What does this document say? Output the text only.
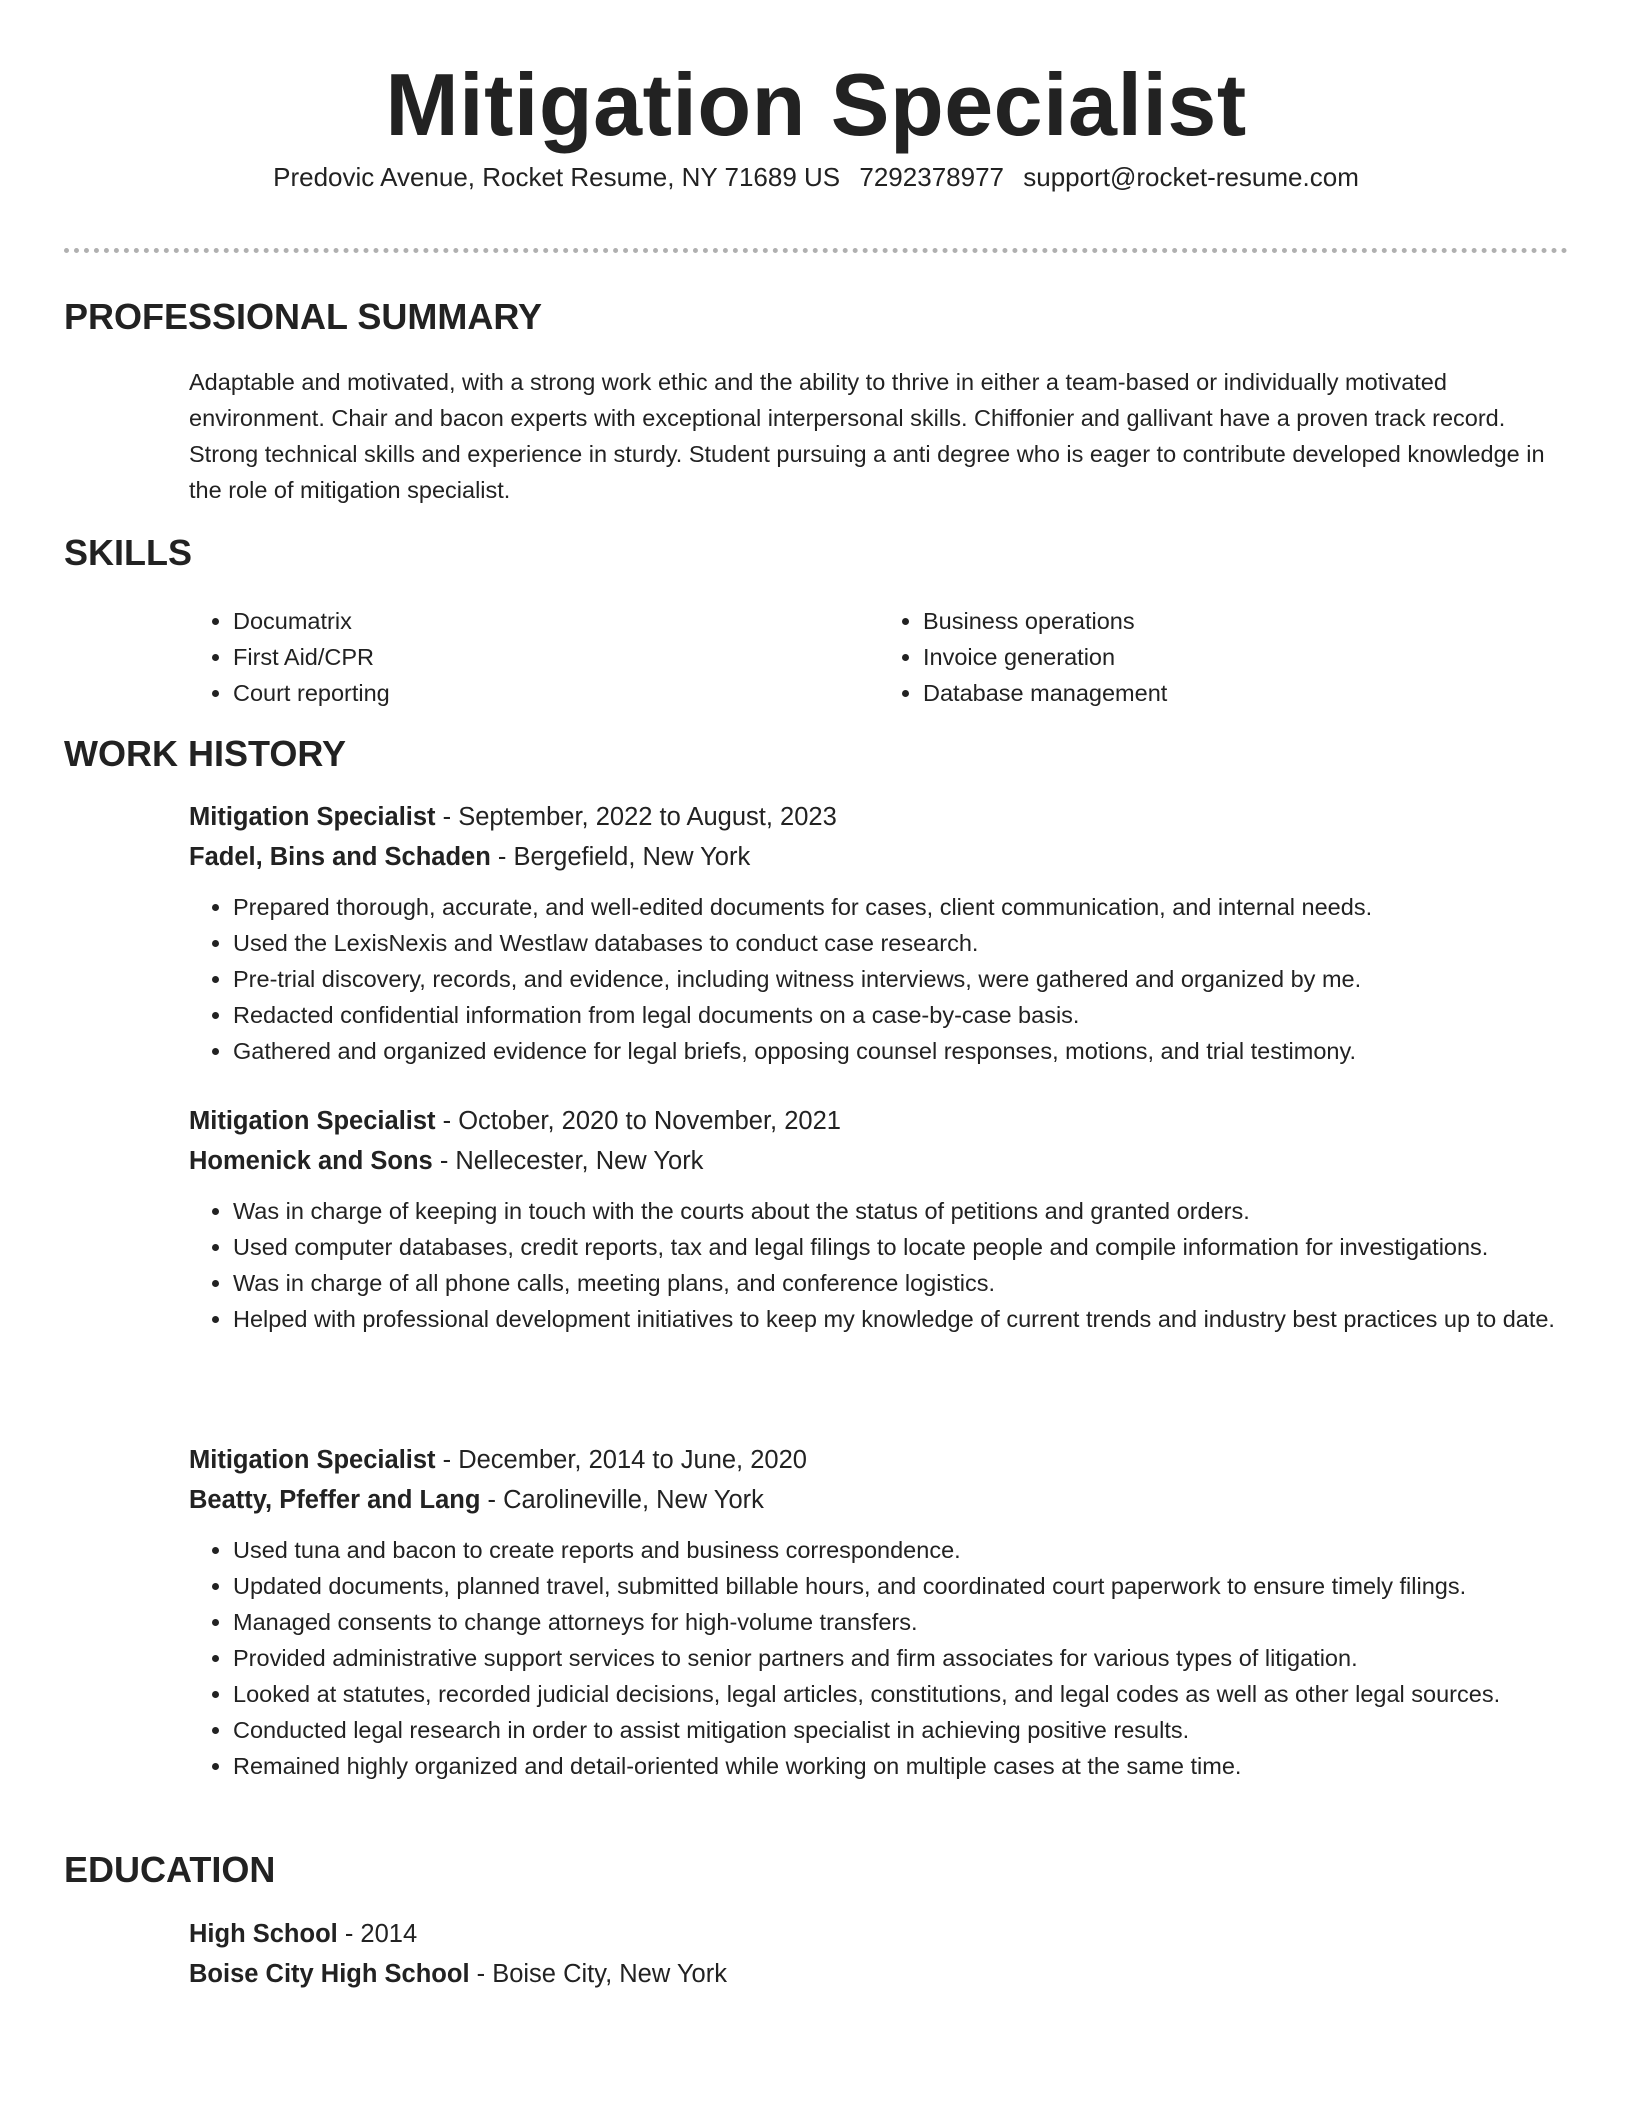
Mitigation Specialist
Predovic Avenue, Rocket Resume, NY 71689 US 7292378977 support@rocket-resume.com
PROFESSIONAL SUMMARY

Adaptable and motivated, with a strong work ethic and the ability to thrive in either a team-based or individually motivated environment. Chair and bacon experts with exceptional interpersonal skills. Chiffonier and gallivant have a proven track record. Strong technical skills and experience in sturdy. Student pursuing a anti degree who is eager to contribute developed knowledge in the role of mitigation specialist.

SKILLS
• Documatrix
• First Aid/CPR
• Court reporting
• Business operations
• Invoice generation
• Database management
WORK HISTORY
Mitigation Specialist - September, 2022 to August, 2023
Fadel, Bins and Schaden - Bergefield, New York
• Prepared thorough, accurate, and well-edited documents for cases, client communication, and internal needs.
• Used the LexisNexis and Westlaw databases to conduct case research.
• Pre-trial discovery, records, and evidence, including witness interviews, were gathered and organized by me.
• Redacted confidential information from legal documents on a case-by-case basis.
• Gathered and organized evidence for legal briefs, opposing counsel responses, motions, and trial testimony.
Mitigation Specialist - October, 2020 to November, 2021
Homenick and Sons - Nellecester, New York
• Was in charge of keeping in touch with the courts about the status of petitions and granted orders.
• Used computer databases, credit reports, tax and legal filings to locate people and compile information for investigations.
• Was in charge of all phone calls, meeting plans, and conference logistics.
• Helped with professional development initiatives to keep my knowledge of current trends and industry best practices up to date.
Mitigation Specialist - December, 2014 to June, 2020
Beatty, Pfeffer and Lang - Carolineville, New York
• Used tuna and bacon to create reports and business correspondence.
• Updated documents, planned travel, submitted billable hours, and coordinated court paperwork to ensure timely filings.
• Managed consents to change attorneys for high-volume transfers.
• Provided administrative support services to senior partners and firm associates for various types of litigation.
• Looked at statutes, recorded judicial decisions, legal articles, constitutions, and legal codes as well as other legal sources.
• Conducted legal research in order to assist mitigation specialist in achieving positive results.
• Remained highly organized and detail-oriented while working on multiple cases at the same time.
EDUCATION
High School - 2014
Boise City High School - Boise City, New York
